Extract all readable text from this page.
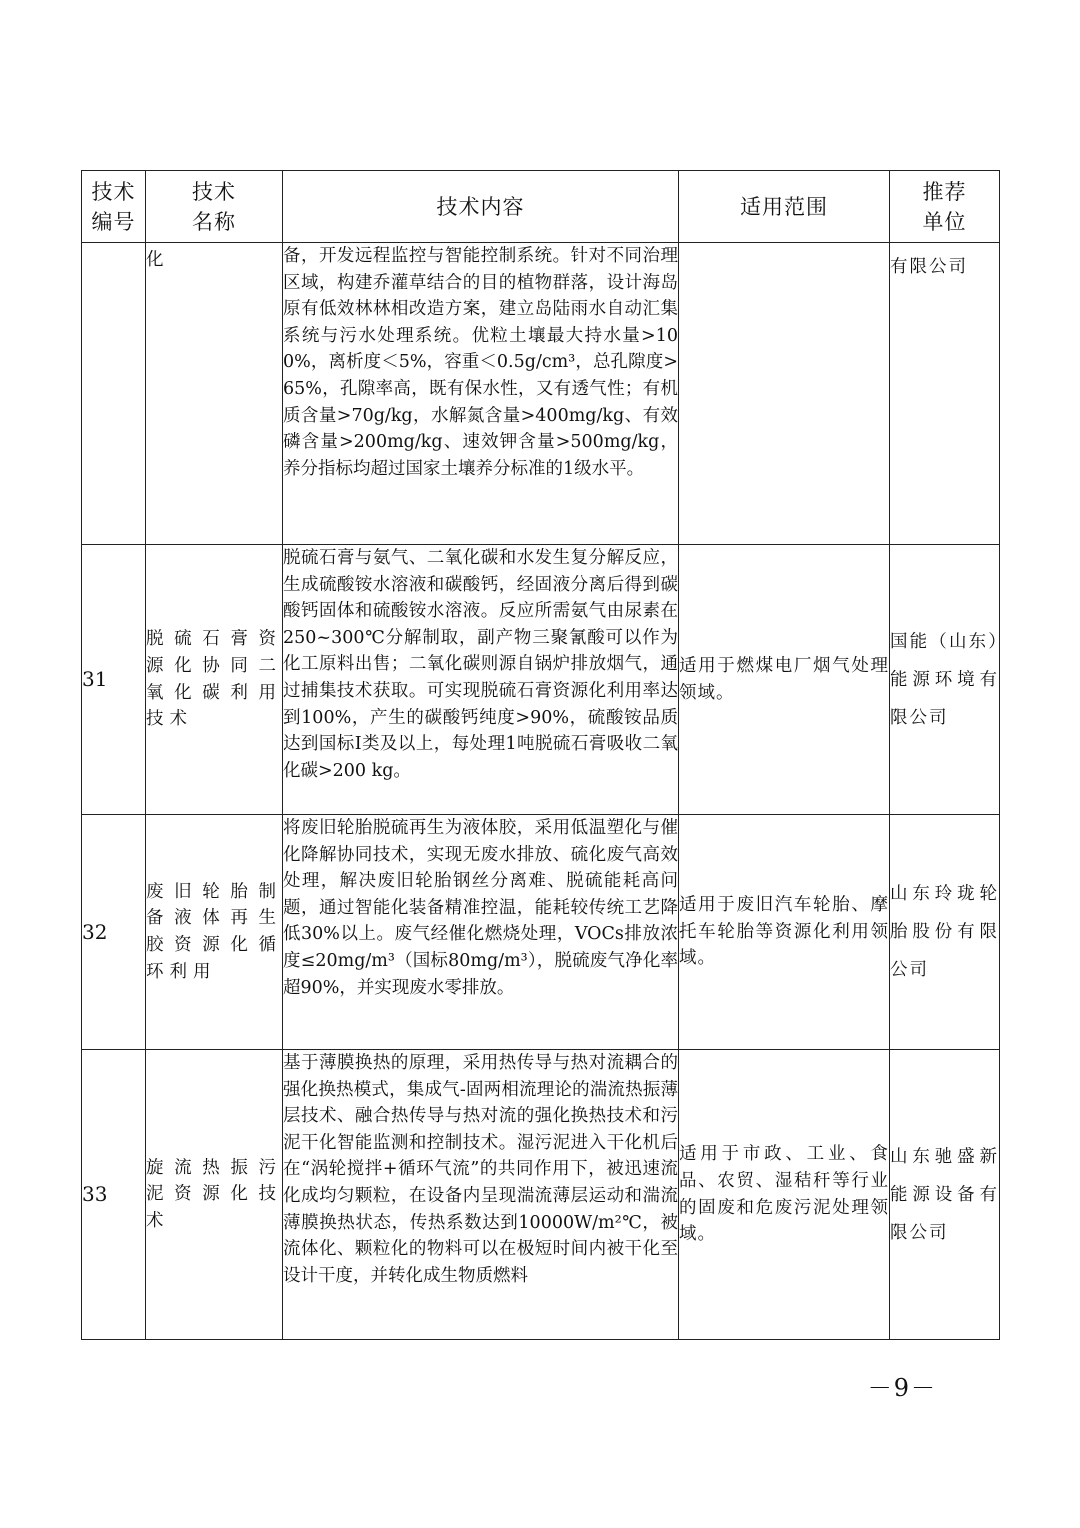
技术编号	技术名称	技术内容	适用范围	推荐单位

	化	备，开发远程监控与智能控制系统。针对不同治理区域，构建乔灌草结合的目的植物群落，设计海岛原有低效林林相改造方案，建立岛陆雨水自动汇集系统与污水处理系统。优粒土壤最大持水量>100%，离析度＜5%，容重＜0.5g/cm³，总孔隙度>65%，孔隙率高，既有保水性，又有透气性；有机质含量>70g/kg，水解氮含量>400mg/kg、有效磷含量>200mg/kg、速效钾含量>500mg/kg，养分指标均超过国家土壤养分标准的1级水平。		有限公司
31	脱硫石膏资源化协同二氧化碳利用技术	脱硫石膏与氨气、二氧化碳和水发生复分解反应，生成硫酸铵水溶液和碳酸钙，经固液分离后得到碳酸钙固体和硫酸铵水溶液。反应所需氨气由尿素在250~300℃分解制取，副产物三聚氰酸可以作为化工原料出售；二氧化碳则源自锅炉排放烟气，通过捕集技术获取。可实现脱硫石膏资源化利用率达到100%，产生的碳酸钙纯度>90%，硫酸铵品质达到国标I类及以上，每处理1吨脱硫石膏吸收二氧化碳>200 kg。	适用于燃煤电厂烟气处理领域。	国能（山东）能源环境有限公司
32	废旧轮胎制备液体再生胶资源化循环利用	将废旧轮胎脱硫再生为液体胶，采用低温塑化与催化降解协同技术，实现无废水排放、硫化废气高效处理，解决废旧轮胎钢丝分离难、脱硫能耗高问题，通过智能化装备精准控温，能耗较传统工艺降低30%以上。废气经催化燃烧处理，VOCs排放浓度≤20mg/m³（国标80mg/m³），脱硫废气净化率超90%，并实现废水零排放。	适用于废旧汽车轮胎、摩托车轮胎等资源化利用领域。	山东玲珑轮胎股份有限公司
33	旋流热振污泥资源化技术	基于薄膜换热的原理，采用热传导与热对流耦合的强化换热模式，集成气-固两相流理论的湍流热振薄层技术、融合热传导与热对流的强化换热技术和污泥干化智能监测和控制技术。湿污泥进入干化机后在“涡轮搅拌+循环气流”的共同作用下，被迅速流化成均匀颗粒，在设备内呈现湍流薄层运动和湍流薄膜换热状态，传热系数达到10000W/m²℃，被流体化、颗粒化的物料可以在极短时间内被干化至设计干度，并转化成生物质燃料	适用于市政、工业、食品、农贸、湿秸秆等行业的固废和危废污泥处理领域。	山东驰盛新能源设备有限公司
－9－
